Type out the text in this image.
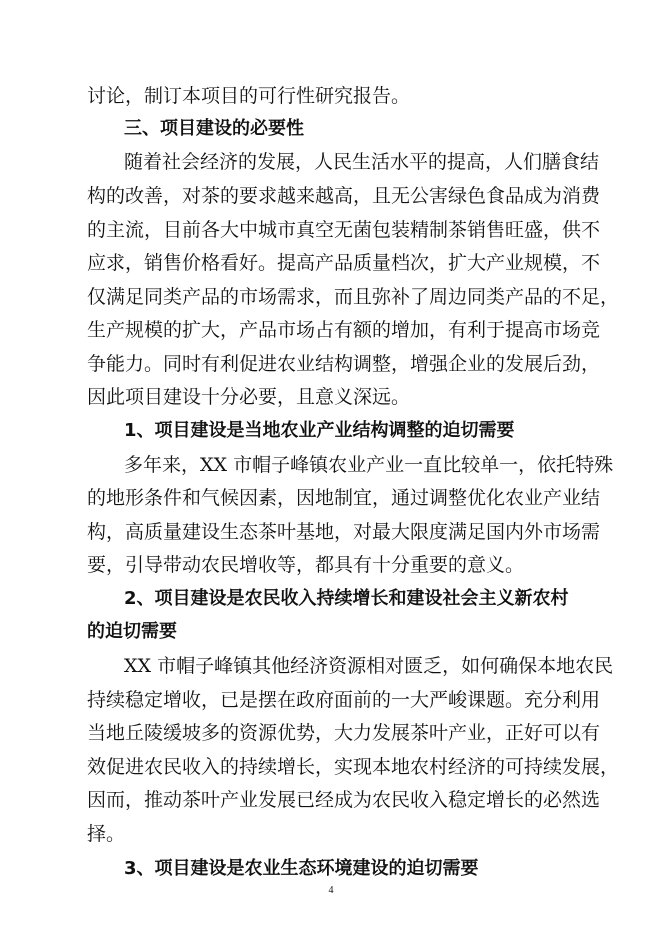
讨论，制订本项目的可行性研究报告。
三、项目建设的必要性
随着社会经济的发展，人民生活水平的提高，人们膳食结
构的改善，对茶的要求越来越高，且无公害绿色食品成为消费
的主流，目前各大中城市真空无菌包装精制茶销售旺盛，供不
应求，销售价格看好。提高产品质量档次，扩大产业规模，不
仅满足同类产品的市场需求，而且弥补了周边同类产品的不足，
生产规模的扩大，产品市场占有额的增加，有利于提高市场竞
争能力。同时有利促进农业结构调整，增强企业的发展后劲，
因此项目建设十分必要，且意义深远。
1、项目建设是当地农业产业结构调整的迫切需要
多年来，XX 市帽子峰镇农业产业一直比较单一，依托特殊
的地形条件和气候因素，因地制宜，通过调整优化农业产业结
构，高质量建设生态茶叶基地，对最大限度满足国内外市场需
要，引导带动农民增收等，都具有十分重要的意义。
2、项目建设是农民收入持续增长和建设社会主义新农村
的迫切需要
XX 市帽子峰镇其他经济资源相对匮乏，如何确保本地农民
持续稳定增收，已是摆在政府面前的一大严峻课题。充分利用
当地丘陵缓坡多的资源优势，大力发展茶叶产业，正好可以有
效促进农民收入的持续增长，实现本地农村经济的可持续发展，
因而，推动茶叶产业发展已经成为农民收入稳定增长的必然选
择。
3、项目建设是农业生态环境建设的迫切需要
4
